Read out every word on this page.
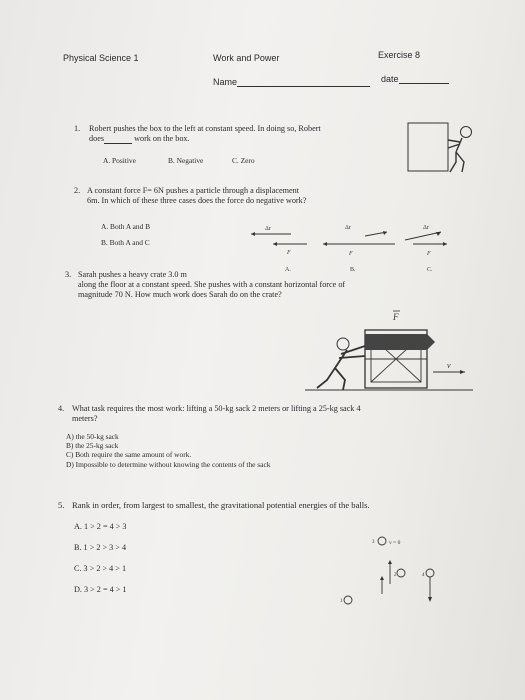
Physical Science 1	Work and Power	Exercise 8
Name	date
1. Robert pushes the box to the left at constant speed. In doing so, Robert
does	work on the box.
A. Positive	B. Negative	C. Zero
2. A constant force F= 6N pushes a particle through a displacement
6m. In which of these three cases does the force do negative work?
A. Both A and B
B. Both A and C
Δr
F
A.
Δr
F
B.
Δr
F
C.
3. Sarah pushes a heavy crate 3.0 m
along the floor at a constant speed. She pushes with a constant horizontal force of
magnitude 70 N. How much work does Sarah do on the crate?
F
v
4. What task requires the most work: lifting a 50-kg sack 2 meters or lifting a 25-kg sack 4
meters?
A) the 50-kg sack
B) the 25-kg sack
C) Both require the same amount of work.
D) Impossible to determine without knowing the contents of the sack
5. Rank in order, from largest to smallest, the gravitational potential energies of the balls.
A. 1 > 2 = 4 > 3
B. 1 > 2 > 3 > 4
C. 3 > 2 > 4 > 1
D. 3 > 2 = 4 > 1
3	v = 0
2	4
1
